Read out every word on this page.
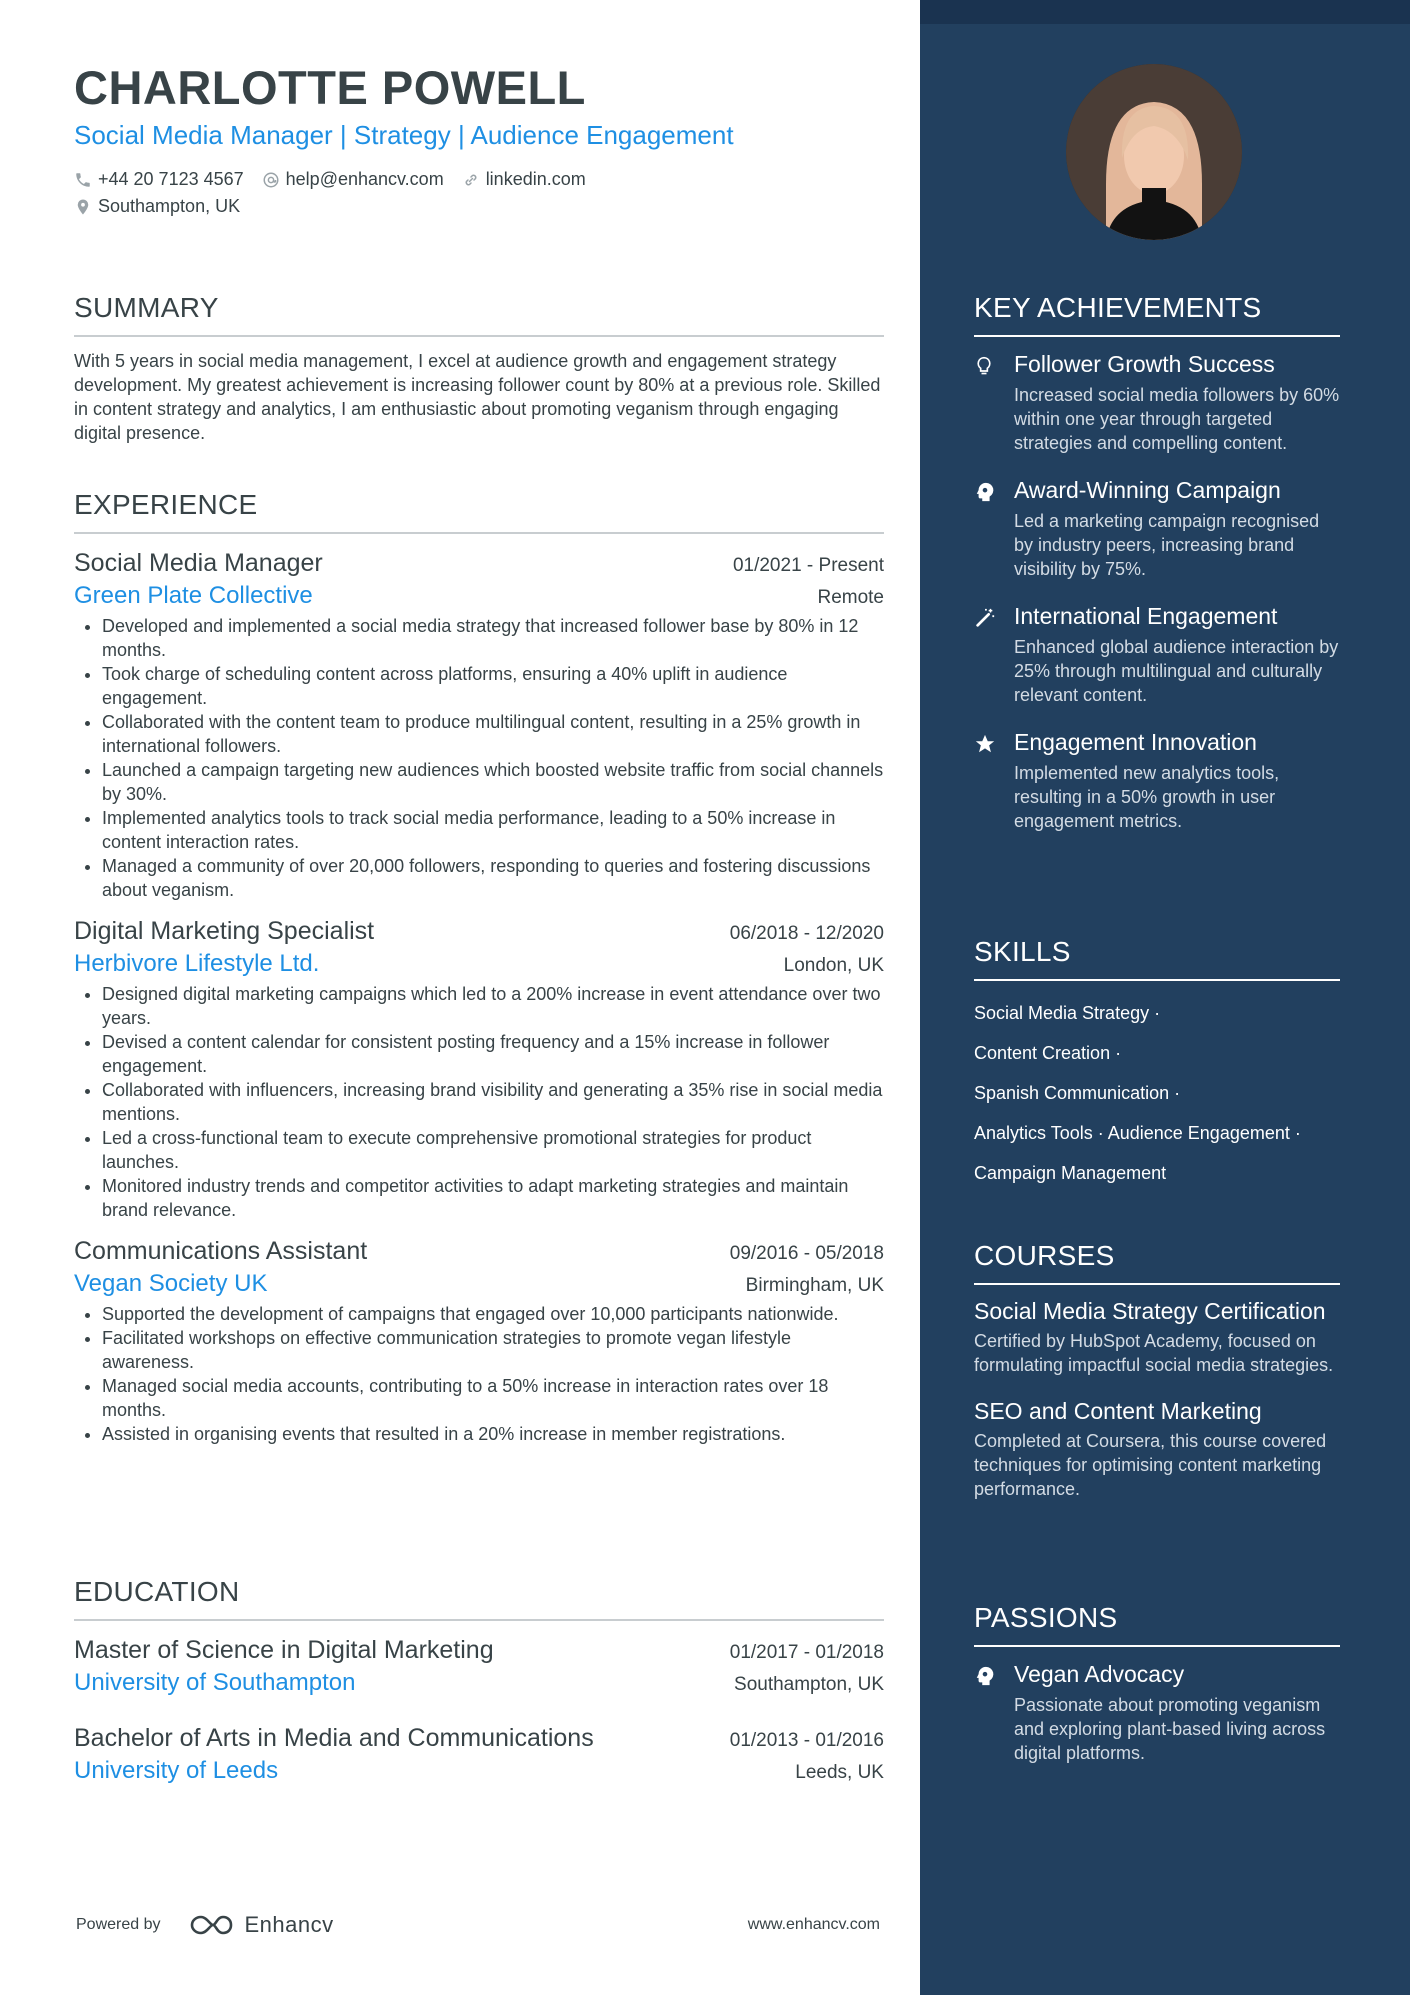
CHARLOTTE POWELL
Social Media Manager | Strategy | Audience Engagement
+44 20 7123 4567 help@enhancv.com linkedin.com
Southampton, UK
SUMMARY
With 5 years in social media management, I excel at audience growth and engagement strategy development. My greatest achievement is increasing follower count by 80% at a previous role. Skilled in content strategy and analytics, I am enthusiastic about promoting veganism through engaging digital presence.
EXPERIENCE
Social Media Manager	01/2021 - Present
Green Plate Collective	Remote
• Developed and implemented a social media strategy that increased follower base by 80% in 12 months.
• Took charge of scheduling content across platforms, ensuring a 40% uplift in audience engagement.
• Collaborated with the content team to produce multilingual content, resulting in a 25% growth in international followers.
• Launched a campaign targeting new audiences which boosted website traffic from social channels by 30%.
• Implemented analytics tools to track social media performance, leading to a 50% increase in content interaction rates.
• Managed a community of over 20,000 followers, responding to queries and fostering discussions about veganism.
Digital Marketing Specialist	06/2018 - 12/2020
Herbivore Lifestyle Ltd.	London, UK
• Designed digital marketing campaigns which led to a 200% increase in event attendance over two years.
• Devised a content calendar for consistent posting frequency and a 15% increase in follower engagement.
• Collaborated with influencers, increasing brand visibility and generating a 35% rise in social media mentions.
• Led a cross-functional team to execute comprehensive promotional strategies for product launches.
• Monitored industry trends and competitor activities to adapt marketing strategies and maintain brand relevance.
Communications Assistant	09/2016 - 05/2018
Vegan Society UK	Birmingham, UK
• Supported the development of campaigns that engaged over 10,000 participants nationwide.
• Facilitated workshops on effective communication strategies to promote vegan lifestyle awareness.
• Managed social media accounts, contributing to a 50% increase in interaction rates over 18 months.
• Assisted in organising events that resulted in a 20% increase in member registrations.
EDUCATION
Master of Science in Digital Marketing	01/2017 - 01/2018
University of Southampton	Southampton, UK
Bachelor of Arts in Media and Communications	01/2013 - 01/2016
University of Leeds	Leeds, UK
Powered by	Enhancv	www.enhancv.com
KEY ACHIEVEMENTS
Follower Growth Success
Increased social media followers by 60% within one year through targeted strategies and compelling content.
Award-Winning Campaign
Led a marketing campaign recognised by industry peers, increasing brand visibility by 75%.
International Engagement
Enhanced global audience interaction by 25% through multilingual and culturally relevant content.
Engagement Innovation
Implemented new analytics tools, resulting in a 50% growth in user engagement metrics.
SKILLS
Social Media Strategy ·
Content Creation ·
Spanish Communication ·
Analytics Tools · Audience Engagement ·
Campaign Management
COURSES
Social Media Strategy Certification
Certified by HubSpot Academy, focused on formulating impactful social media strategies.
SEO and Content Marketing
Completed at Coursera, this course covered techniques for optimising content marketing performance.
PASSIONS
Vegan Advocacy
Passionate about promoting veganism and exploring plant-based living across digital platforms.
